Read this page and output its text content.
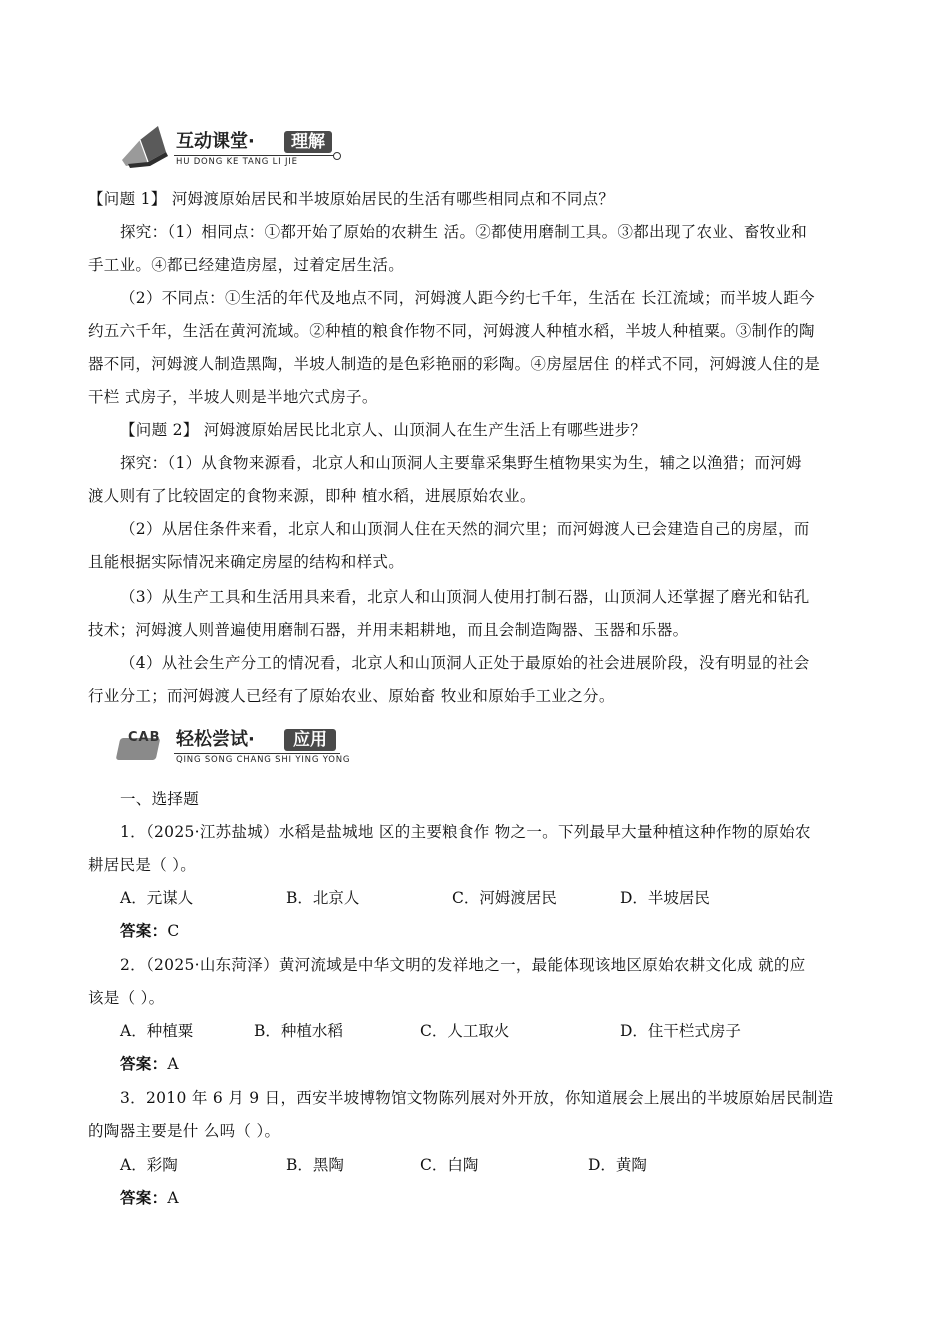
互动课堂·	理解
HU DONG KE TANG LI JIE
【问题 1】 河姆渡原始居民和半坡原始居民的生活有哪些相同点和不同点？
探究：（1）相同点：①都开始了原始的农耕生 活。②都使用磨制工具。③都出现了农业、畜牧业和
手工业。④都已经建造房屋，过着定居生活。
（2）不同点：①生活的年代及地点不同，河姆渡人距今约七千年，生活在 长江流域；而半坡人距今
约五六千年，生活在黄河流域。②种植的粮食作物不同，河姆渡人种植水稻，半坡人种植粟。③制作的陶
器不同，河姆渡人制造黑陶，半坡人制造的是色彩艳丽的彩陶。④房屋居住 的样式不同，河姆渡人住的是
干栏 式房子，半坡人则是半地穴式房子。
【问题 2】 河姆渡原始居民比北京人、山顶洞人在生产生活上有哪些进步？
探究：（1）从食物来源看，北京人和山顶洞人主要靠采集野生植物果实为生，辅之以渔猎；而河姆
渡人则有了比较固定的食物来源，即种 植水稻，进展原始农业。
（2）从居住条件来看，北京人和山顶洞人住在天然的洞穴里；而河姆渡人已会建造自己的房屋，而
且能根据实际情况来确定房屋的结构和样式。
（3）从生产工具和生活用具来看，北京人和山顶洞人使用打制石器，山顶洞人还掌握了磨光和钻孔
技术；河姆渡人则普遍使用磨制石器，并用耒耜耕地，而且会制造陶器、玉器和乐器。
（4）从社会生产分工的情况看，北京人和山顶洞人正处于最原始的社会进展阶段，没有明显的社会
行业分工；而河姆渡人已经有了原始农业、原始畜 牧业和原始手工业之分。
CAB 轻松尝试·	应用
QING SONG CHANG SHI YING YONG
一、选择题
1．（2025·江苏盐城）水稻是盐城地 区的主要粮食作 物之一。下列最早大量种植这种作物的原始农
耕居民是（ ）。
A．元谋人	B．北京人	C．河姆渡居民	D．半坡居民
答案：C
2．（2025·山东菏泽）黄河流域是中华文明的发祥地之一，最能体现该地区原始农耕文化成 就的应
该是（ ）。
A．种植粟	B．种植水稻	C．人工取火	D．住干栏式房子
答案：A
3．2010 年 6 月 9 日，西安半坡博物馆文物陈列展对外开放，你知道展会上展出的半坡原始居民制造
的陶器主要是什 么吗（ ）。
A．彩陶	B．黑陶	C．白陶	D．黄陶
答案：A
